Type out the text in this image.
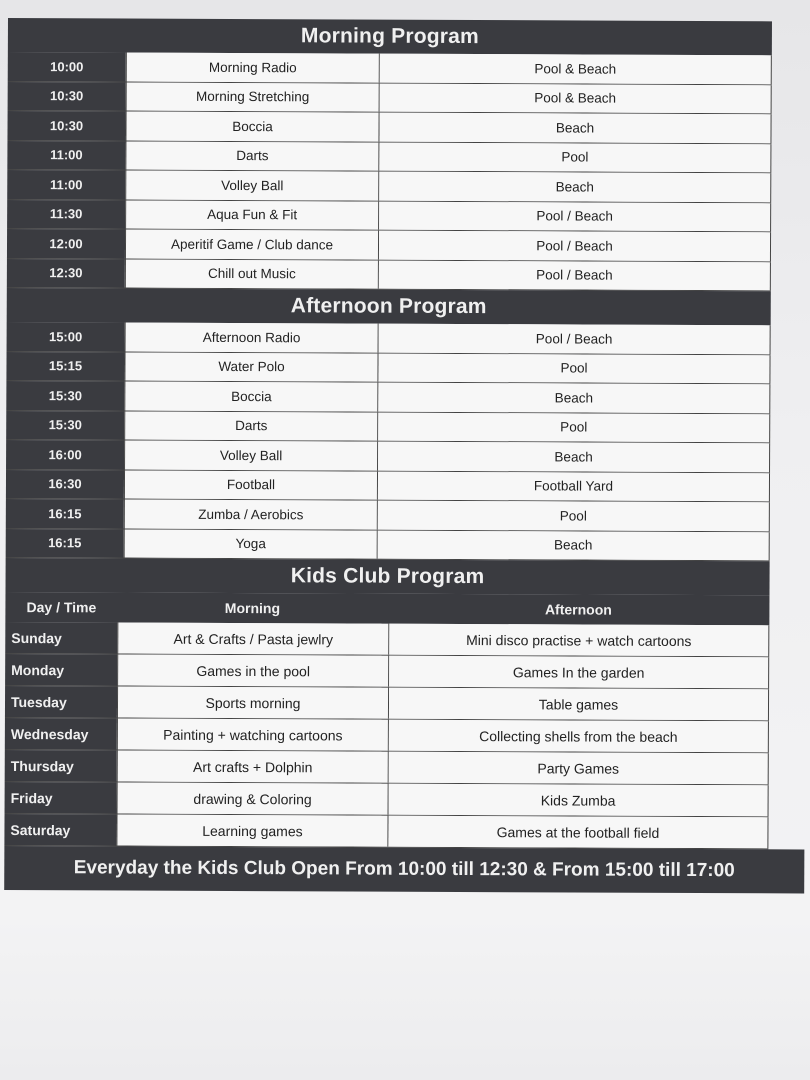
Morning Program
10:00	Morning Radio	Pool & Beach
10:30	Morning Stretching	Pool & Beach
10:30	Boccia	Beach
11:00	Darts	Pool
11:00	Volley Ball	Beach
11:30	Aqua Fun & Fit	Pool / Beach
12:00	Aperitif Game / Club dance	Pool / Beach
12:30	Chill out Music	Pool / Beach
Afternoon Program
15:00	Afternoon Radio	Pool / Beach
15:15	Water Polo	Pool
15:30	Boccia	Beach
15:30	Darts	Pool
16:00	Volley Ball	Beach
16:30	Football	Football Yard
16:15	Zumba / Aerobics	Pool
16:15	Yoga	Beach
Kids Club Program
Day / Time	Morning	Afternoon
Sunday	Art & Crafts / Pasta jewlry	Mini disco practise + watch cartoons
Monday	Games in the pool	Games In the garden
Tuesday	Sports morning	Table games
Wednesday	Painting + watching cartoons	Collecting shells from the beach
Thursday	Art crafts + Dolphin	Party Games
Friday	drawing & Coloring	Kids Zumba
Saturday	Learning games	Games at the football field
Everyday the Kids Club Open From 10:00 till 12:30 & From 15:00 till 17:00
